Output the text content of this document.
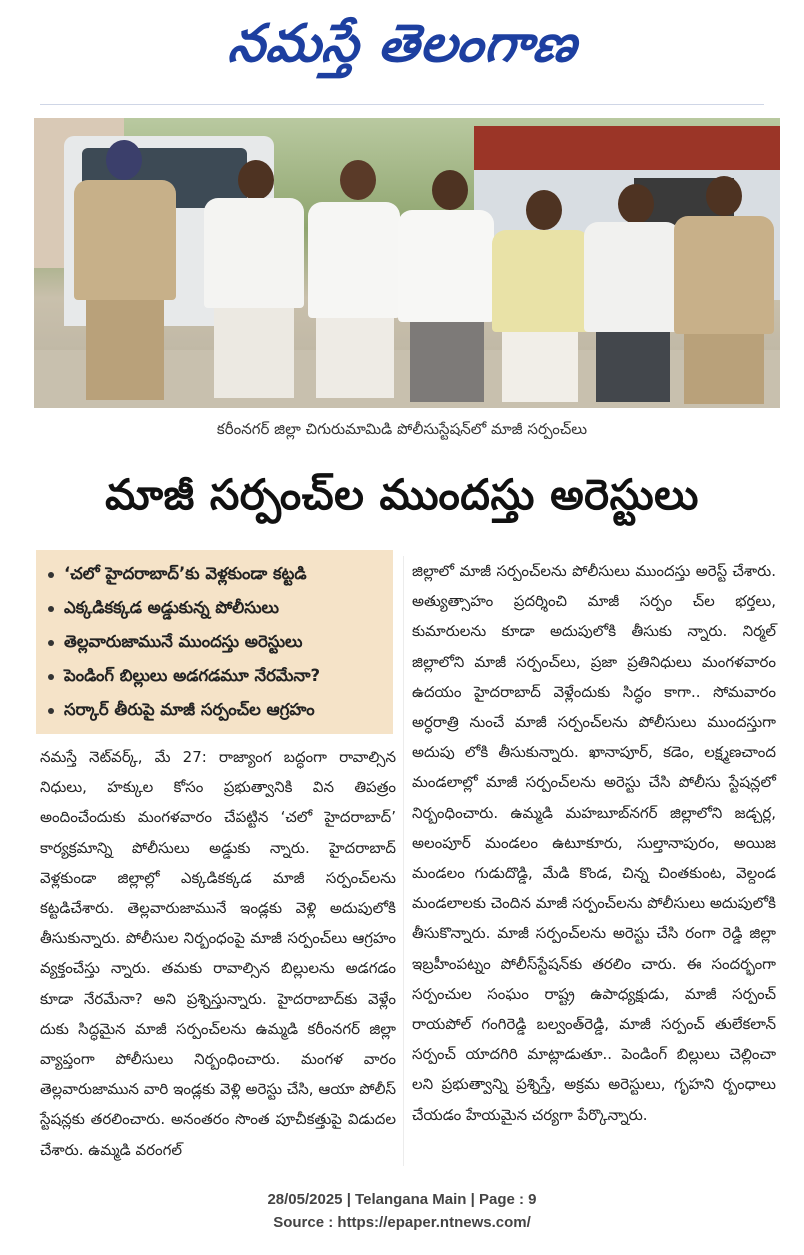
నమస్తే తెలంగాణ
కరీంనగర్ జిల్లా చిగురుమామిడి పోలీసుస్టేషన్‌లో మాజీ సర్పంచ్‌లు
మాజీ సర్పంచ్‌ల ముందస్తు అరెస్టులు
‘చలో హైదరాబాద్’కు వెళ్లకుండా కట్టడి
ఎక్కడికక్కడ అడ్డుకున్న పోలీసులు
తెల్లవారుజామునే ముందస్తు అరెస్టులు
పెండింగ్ బిల్లులు అడగడమూ నేరమేనా?
సర్కార్ తీరుపై మాజీ సర్పంచ్‌ల ఆగ్రహం

నమస్తే నెట్‌వర్క్, మే 27: రాజ్యాంగ బద్ధంగా రావాల్సిన నిధులు, హక్కుల కోసం ప్రభుత్వానికి విన తిపత్రం అందించేందుకు మంగళవారం చేపట్టిన ‘చలో హైదరాబాద్’ కార్యక్రమాన్ని పోలీసులు అడ్డుకు న్నారు. హైదరాబాద్ వెళ్లకుండా జిల్లాల్లో ఎక్కడికక్కడ మాజీ సర్పంచ్‌లను కట్టడిచేశారు. తెల్లవారుజామునే ఇండ్లకు వెళ్లి అదుపులోకి తీసుకున్నారు. పోలీసుల నిర్బంధంపై మాజీ సర్పంచ్‌లు ఆగ్రహం వ్యక్తంచేస్తు న్నారు. తమకు రావాల్సిన బిల్లులను అడగడం కూడా నేరమేనా? అని ప్రశ్నిస్తున్నారు. హైదరాబాద్‌కు వెళ్లేం దుకు సిద్ధమైన మాజీ సర్పంచ్‌లను ఉమ్మడి కరీంనగర్ జిల్లా వ్యాప్తంగా పోలీసులు నిర్బంధించారు. మంగళ వారం తెల్లవారుజామున వారి ఇండ్లకు వెళ్లి అరెస్టు చేసి, ఆయా పోలీస్ స్టేషన్లకు తరలించారు. అనంతరం సొంత పూచీకత్తుపై విడుదల చేశారు. ఉమ్మడి వరంగల్

జిల్లాలో మాజీ సర్పంచ్‌లను పోలీసులు ముందస్తు అరెస్ట్ చేశారు. అత్యుత్సాహం ప్రదర్శించి మాజీ సర్పం చ్‌ల భర్తలు, కుమారులను కూడా అదుపులోకి తీసుకు న్నారు. నిర్మల్ జిల్లాలోని మాజీ సర్పంచ్‌లు, ప్రజా ప్రతినిధులు మంగళవారం ఉదయం హైదరాబాద్ వెళ్లేందుకు సిద్ధం కాగా.. సోమవారం అర్ధరాత్రి నుంచే మాజీ సర్పంచ్‌లను పోలీసులు ముందస్తుగా అదుపు లోకి తీసుకున్నారు. ఖానాపూర్, కడెం, లక్ష్మణచాంద మండలాల్లో మాజీ సర్పంచ్‌లను అరెస్టు చేసి పోలీసు స్టేషన్లలో నిర్బంధించారు. ఉమ్మడి మహబూబ్‌నగర్ జిల్లాలోని జడ్చర్ల, అలంపూర్ మండలం ఉటూకూరు, సుల్తానాపురం, అయిజ మండలం గుడుదొడ్డి, మేడి కొండ, చిన్న చింతకుంట, వెల్దండ మండలాలకు చెందిన మాజీ సర్పంచ్‌లను పోలీసులు అదుపులోకి తీసుకొన్నారు. మాజీ సర్పంచ్‌లను అరెస్టు చేసి రంగా రెడ్డి జిల్లా ఇబ్రహీంపట్నం పోలీస్‌స్టేషన్‌కు తరలిం చారు. ఈ సందర్భంగా సర్పంచుల సంఘం రాష్ట్ర ఉపాధ్యక్షుడు, మాజీ సర్పంచ్ రాయపోల్ గంగిరెడ్డి బల్వంత్‌రెడ్డి, మాజీ సర్పంచ్ తులేకలాన్ సర్పంచ్ యాదగిరి మాట్లాడుతూ.. పెండింగ్ బిల్లులు చెల్లించా లని ప్రభుత్వాన్ని ప్రశ్నిస్తే, అక్రమ అరెస్టులు, గృహని ర్బంధాలు చేయడం హేయమైన చర్యగా పేర్కొన్నారు.

28/05/2025 | Telangana Main | Page : 9
Source : https://epaper.ntnews.com/
